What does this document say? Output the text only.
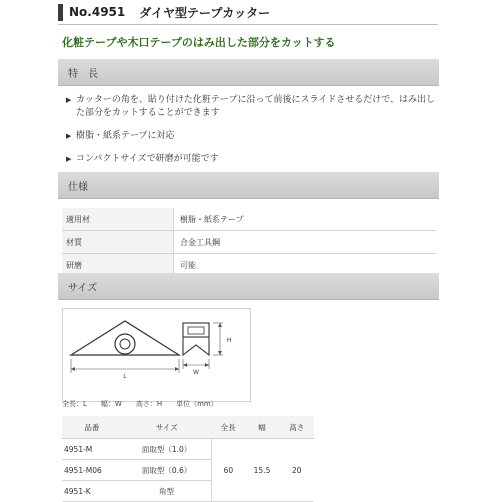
No.4951 ダイヤ型テープカッター
化粧テープや木口テープのはみ出した部分をカットする
特　長
▶ カッターの角を、貼り付けた化粧テープに沿って前後にスライドさせるだけで、はみ出した部分をカットすることができます
▶ 樹脂・紙系テープに対応
▶ コンパクトサイズで研磨が可能です
仕様
適用材	樹脂・紙系テープ
材質	合金工具鋼
研磨	可能
サイズ
L
W
H
全長：L 幅：W 高さ：H 単位（mm）
品番	サイズ	全長	幅	高さ
4951-M	面取型（1.0）	60	15.5	20
4951-M06	面取型（0.6）			
4951-K	角型			
